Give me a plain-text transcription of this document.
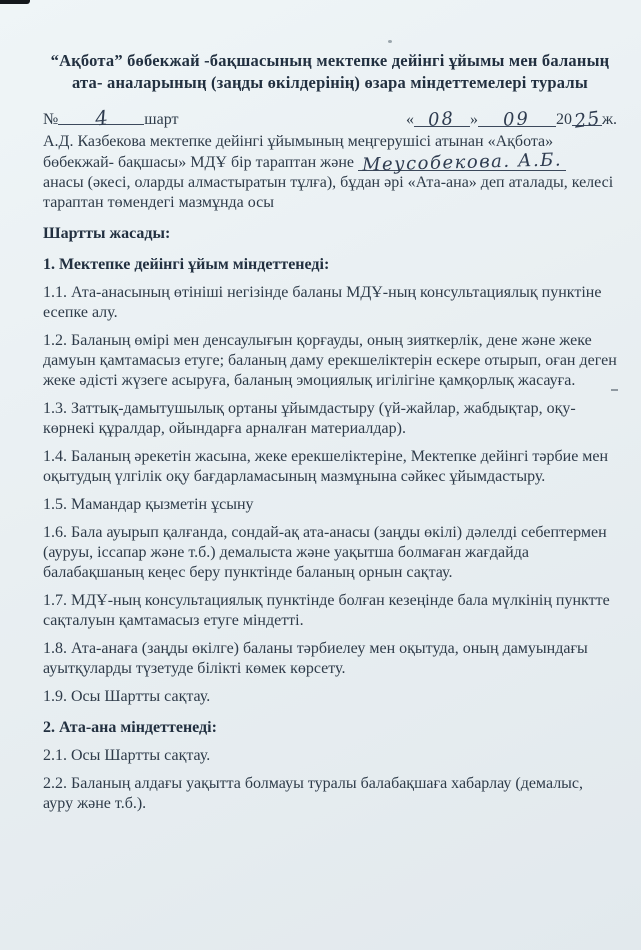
“Ақбота” бөбекжай -бақшасының мектепке дейінгі ұйымы мен баланың
ата- аналарының (заңды өкілдерінің) өзара міндеттемелері туралы
№ 4 шарт	« 08 » 09 2025ж.
А.Д. Казбекова мектепке дейінгі ұйымының меңгерушісі атынан «Ақбота»
бөбекжай- бақшасы» МДҰ бір тараптан және Меусобекова. А.Б.
анасы (әкесі, оларды алмастыратын тұлға), бұдан әрі «Ата-ана» деп аталады, келесі тараптан төмендегі мазмұнда осы

Шартты жасады:

1. Мектепке дейінгі ұйым міндеттенеді:

1.1. Ата-анасының өтініші негізінде баланы МДҰ-ның консультациялық пунктіне есепке алу.

1.2. Баланың өмірі мен денсаулығын қорғауды, оның зияткерлік, дене және жеке дамуын қамтамасыз етуге; баланың даму ерекшеліктерін ескере отырып, оған деген жеке әдісті жүзеге асыруға, баланың эмоциялық игілігіне қамқорлық жасауға.

1.3. Заттық-дамытушылық ортаны ұйымдастыру (үй-жайлар, жабдықтар, оқу-көрнекі құралдар, ойындарға арналған материалдар).

1.4. Баланың әрекетін жасына, жеке ерекшеліктеріне, Мектепке дейінгі тәрбие мен оқытудың үлгілік оқу бағдарламасының мазмұнына сәйкес ұйымдастыру.

1.5. Мамандар қызметін ұсыну

1.6. Бала ауырып қалғанда, сондай-ақ ата-анасы (заңды өкілі) дәлелді себептермен (ауруы, іссапар және т.б.) демалыста және уақытша болмаған жағдайда балабақшаның кеңес беру пунктінде баланың орнын сақтау.

1.7. МДҰ-ның консультациялық пунктінде болған кезеңінде бала мүлкінің пунктте сақталуын қамтамасыз етуге міндетті.

1.8. Ата-анаға (заңды өкілге) баланы тәрбиелеу мен оқытуда, оның дамуындағы ауытқуларды түзетуде білікті көмек көрсету.

1.9. Осы Шартты сақтау.

2. Ата-ана міндеттенеді:

2.1. Осы Шартты сақтау.

2.2. Баланың алдағы уақытта болмауы туралы балабақшаға хабарлау (демалыс, ауру және т.б.).
